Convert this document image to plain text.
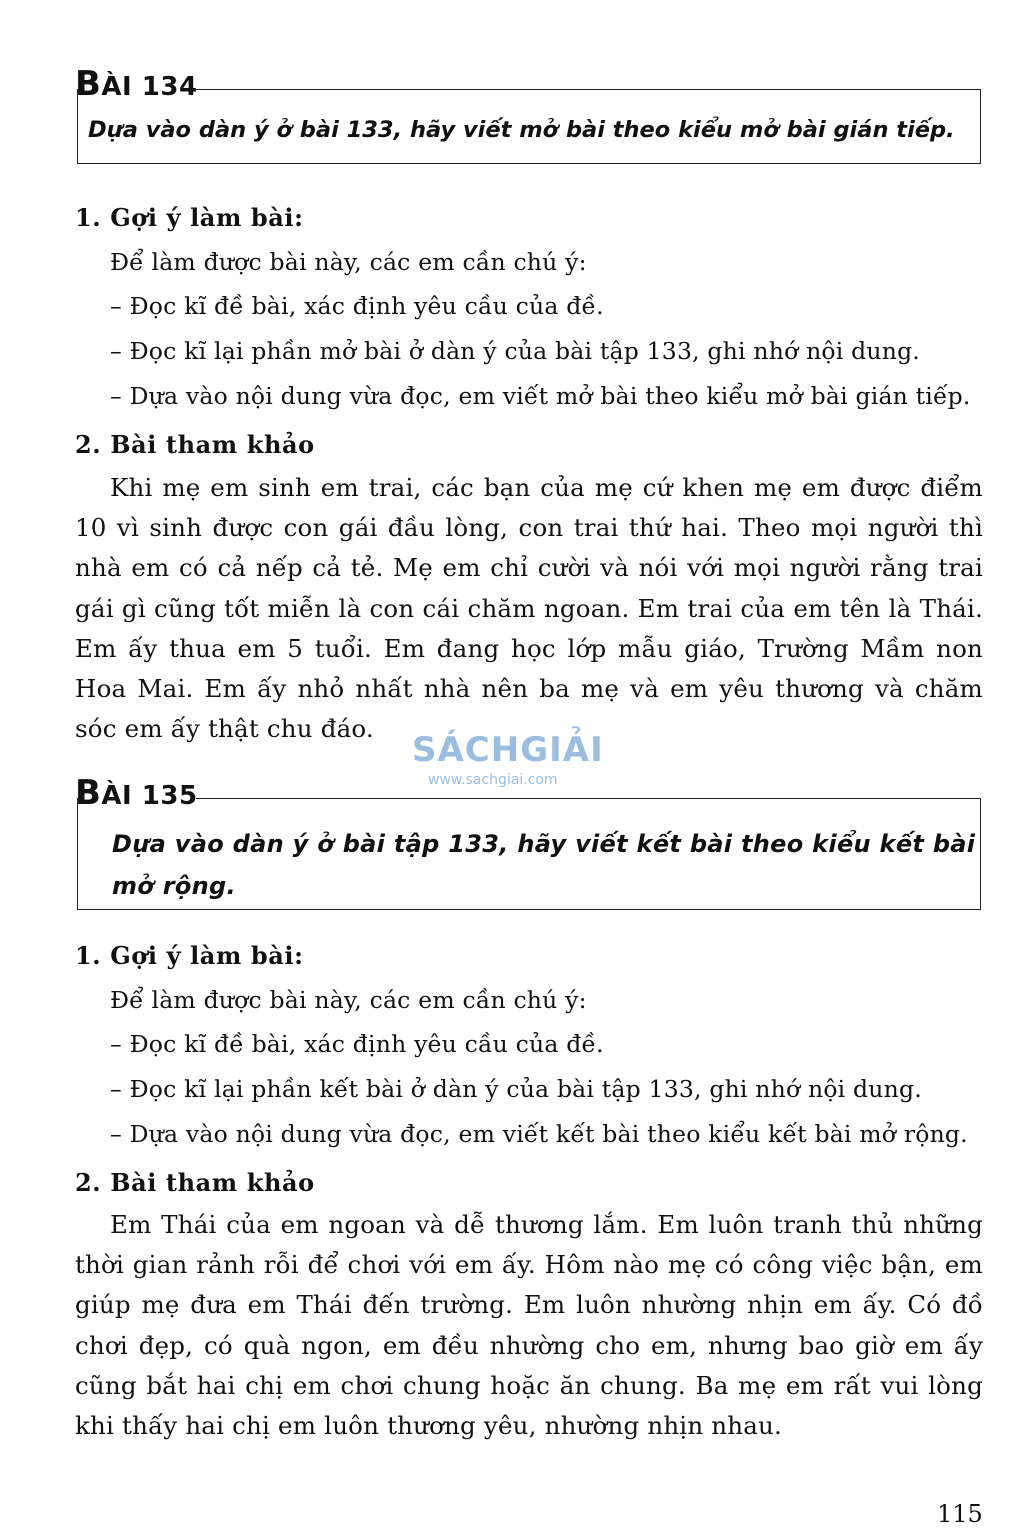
B ÀI 134
Dựa vào dàn ý ở bài 133, hãy viết mở bài theo kiểu mở bài gián tiếp.
1. Gợi ý làm bài:
Để làm được bài này, các em cần chú ý:
– Đọc kĩ đề bài, xác định yêu cầu của đề.
– Đọc kĩ lại phần mở bài ở dàn ý của bài tập 133, ghi nhớ nội dung.
– Dựa vào nội dung vừa đọc, em viết mở bài theo kiểu mở bài gián tiếp.
2. Bài tham khảo
Khi mẹ em sinh em trai, các bạn của mẹ cứ khen mẹ em được điểm 10 vì sinh được con gái đầu lòng, con trai thứ hai. Theo mọi người thì nhà em có cả nếp cả tẻ. Mẹ em chỉ cười và nói với mọi người rằng trai gái gì cũng tốt miễn là con cái chăm ngoan. Em trai của em tên là Thái. Em ấy thua em 5 tuổi. Em đang học lớp mẫu giáo, Trường Mầm non Hoa Mai. Em ấy nhỏ nhất nhà nên ba mẹ và em yêu thương và chăm sóc em ấy thật chu đáo.
SÁCHGIẢI
www.sachgiai.com
B ÀI 135
Dựa vào dàn ý ở bài tập 133, hãy viết kết bài theo kiểu kết bài
mở rộng.
1. Gợi ý làm bài:
Để làm được bài này, các em cần chú ý:
– Đọc kĩ đề bài, xác định yêu cầu của đề.
– Đọc kĩ lại phần kết bài ở dàn ý của bài tập 133, ghi nhớ nội dung.
– Dựa vào nội dung vừa đọc, em viết kết bài theo kiểu kết bài mở rộng.
2. Bài tham khảo
Em Thái của em ngoan và dễ thương lắm. Em luôn tranh thủ những thời gian rảnh rỗi để chơi với em ấy. Hôm nào mẹ có công việc bận, em giúp mẹ đưa em Thái đến trường. Em luôn nhường nhịn em ấy. Có đồ chơi đẹp, có quà ngon, em đều nhường cho em, nhưng bao giờ em ấy cũng bắt hai chị em chơi chung hoặc ăn chung. Ba mẹ em rất vui lòng khi thấy hai chị em luôn thương yêu, nhường nhịn nhau.
115
